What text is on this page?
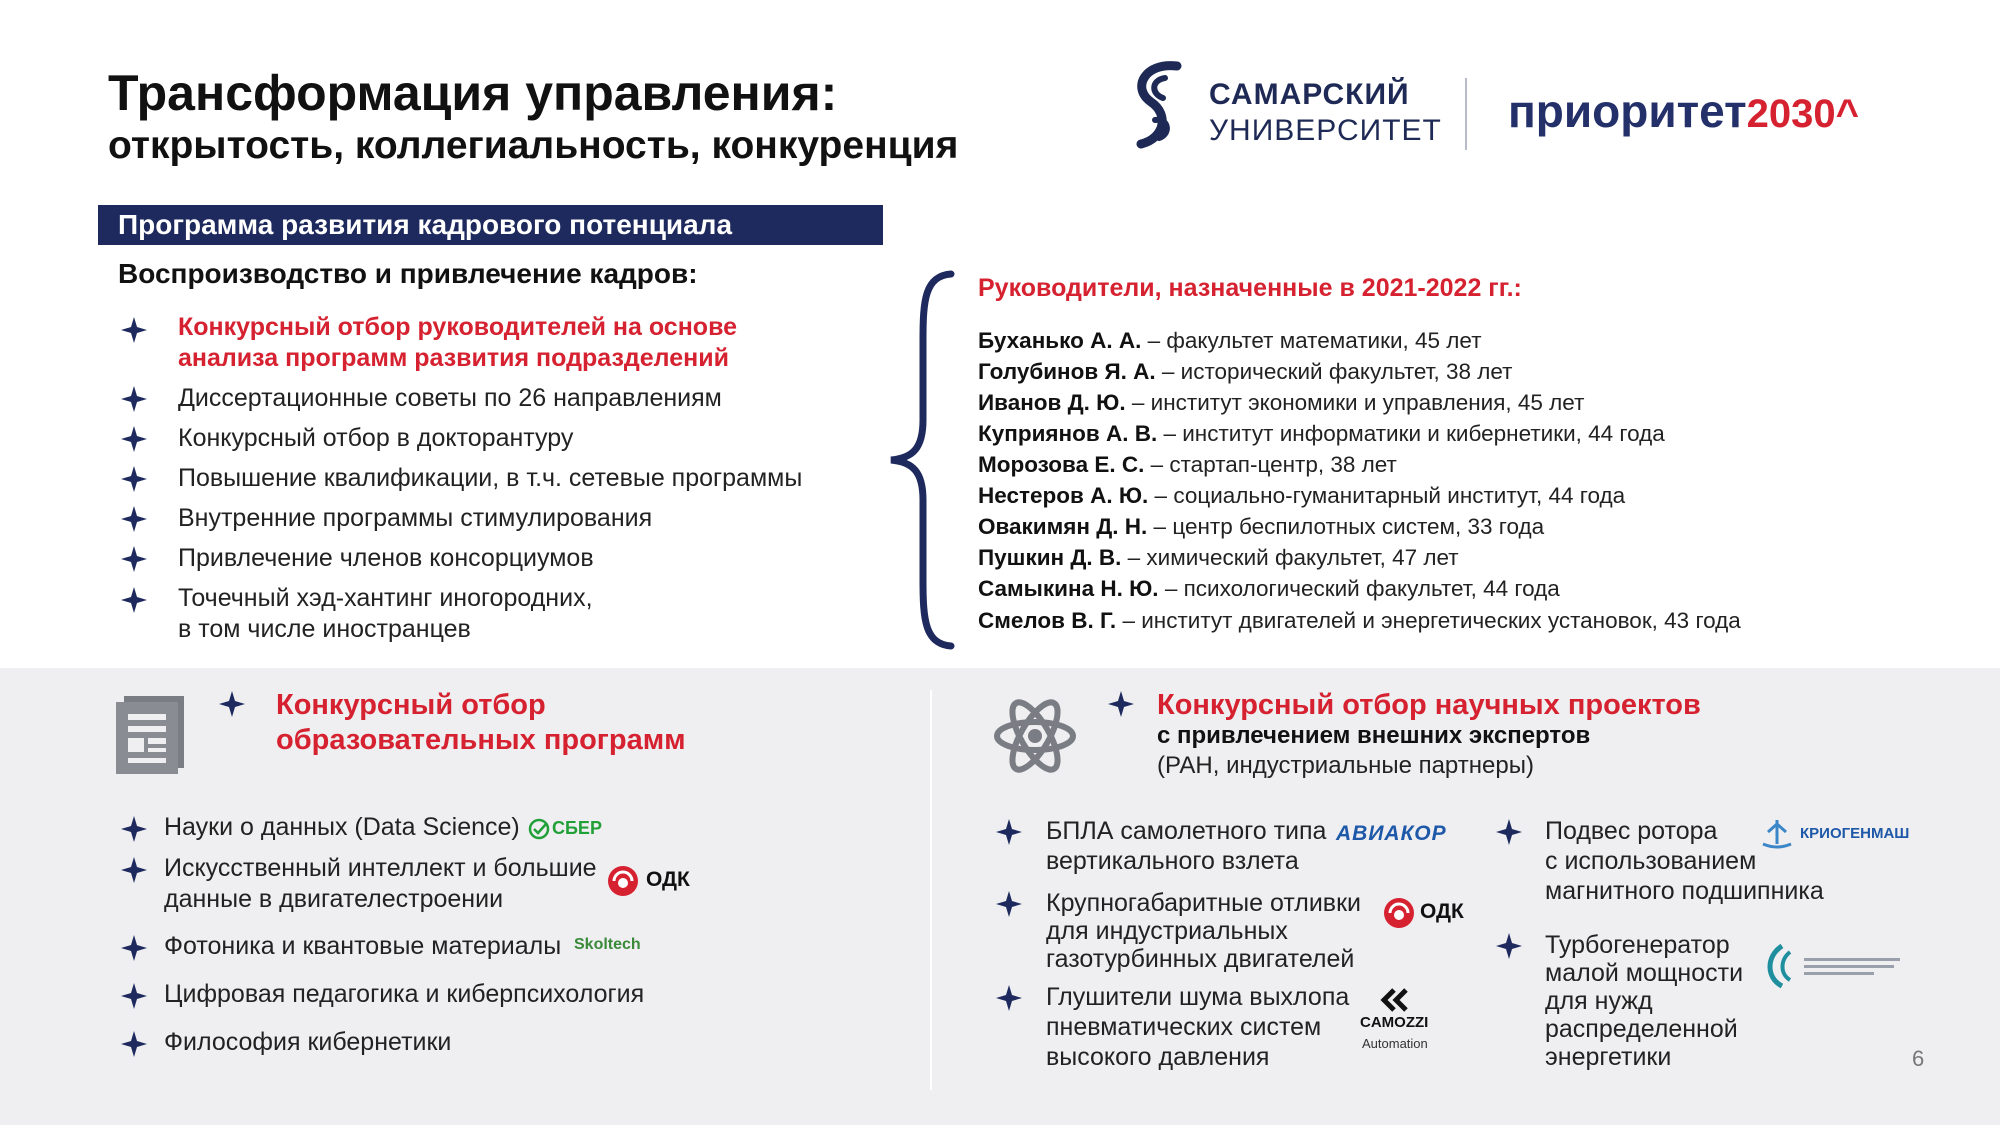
Трансформация управления:
открытость, коллегиальность, конкуренция
САМАРСКИЙ
УНИВЕРСИТЕТ приоритет2030^
Программа развития кадрового потенциала
Воспроизводство и привлечение кадров:
Конкурсный отбор руководителей на основе
анализа программ развития подразделений
Диссертационные советы по 26 направлениям
Конкурсный отбор в докторантуру
Повышение квалификации, в т.ч. сетевые программы
Внутренние программы стимулирования
Привлечение членов консорциумов
Точечный хэд-хантинг иногородних,
в том числе иностранцев
Руководители, назначенные в 2021-2022 гг.:
Буханько А. А. – факультет математики, 45 лет
Голубинов Я. А. – исторический факультет, 38 лет
Иванов Д. Ю. – институт экономики и управления, 45 лет
Куприянов А. В. – институт информатики и кибернетики, 44 года
Морозова Е. С. – стартап-центр, 38 лет
Нестеров А. Ю. – социально-гуманитарный институт, 44 года
Овакимян Д. Н. – центр беспилотных систем, 33 года
Пушкин Д. В. – химический факультет, 47 лет
Самыкина Н. Ю. – психологический факультет, 44 года
Смелов В. Г. – институт двигателей и энергетических установок, 43 года
Конкурсный отбор
образовательных программ
Науки о данных (Data Science) СБЕР
Искусственный интеллект и большие
данные в двигателестроении
ОДК
Фотоника и квантовые материалы Skoltech
Цифровая педагогика и киберпсихология
Философия кибернетики
Конкурсный отбор научных проектов
с привлечением внешних экспертов
(РАН, индустриальные партнеры)
БПЛА самолетного типа
вертикального взлета
АВИАКОР
Крупногабаритные отливки
для индустриальных
газотурбинных двигателей
ОДК
Глушители шума выхлопа
пневматических систем
высокого давления
CAMOZZI
Automation
Подвес ротора
с использованием
магнитного подшипника
КРИОГЕНМАШ
Турбогенератор
малой мощности
для нужд
распределенной
энергетики	6
